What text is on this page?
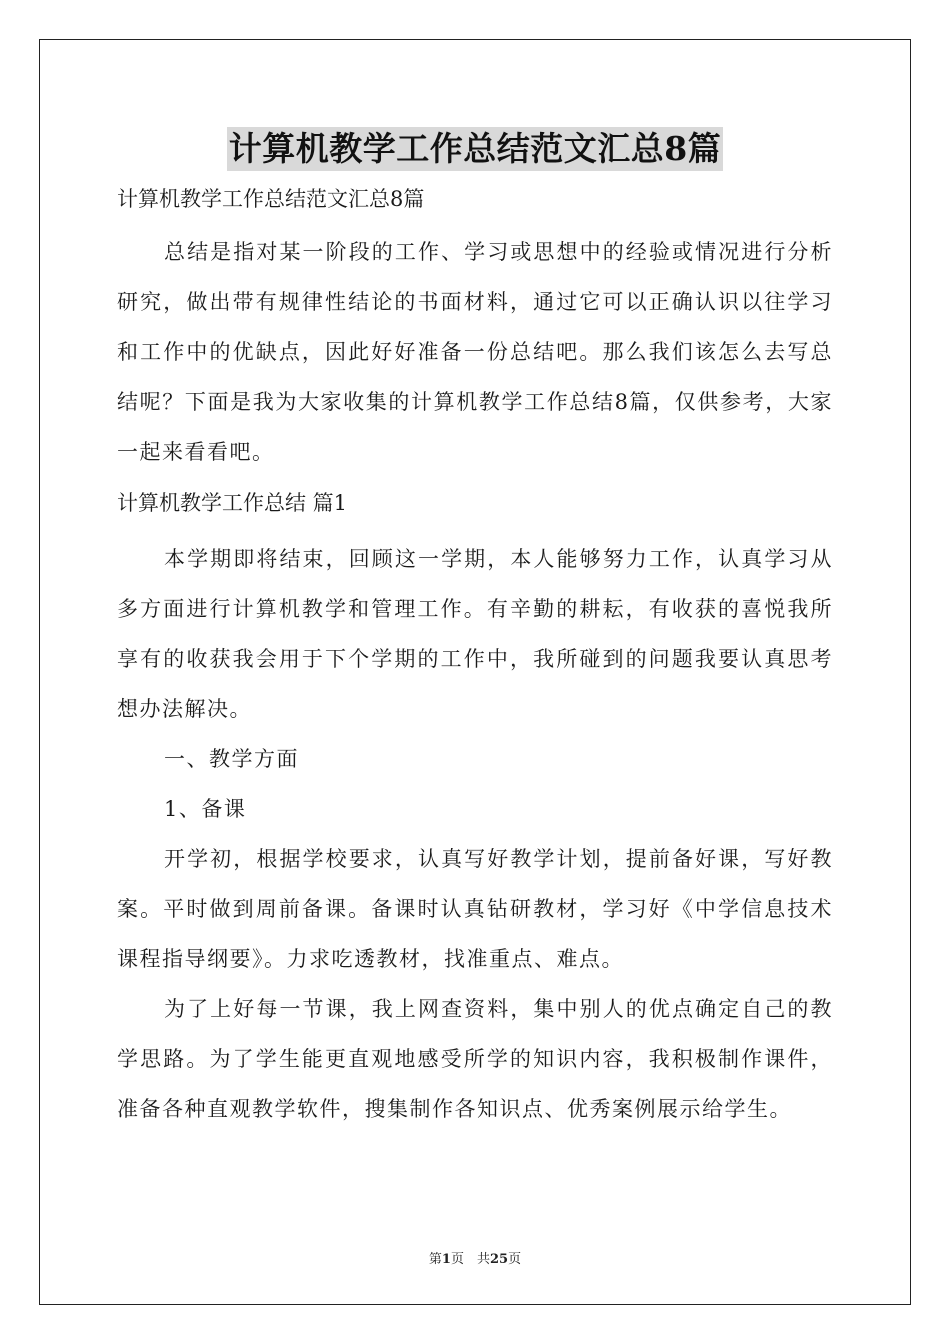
计算机教学工作总结范文汇总8篇

计算机教学工作总结范文汇总8篇

总结是指对某一阶段的工作、学习或思想中的经验或情况进行分析研究，做出带有规律性结论的书面材料，通过它可以正确认识以往学习和工作中的优缺点，因此好好准备一份总结吧。那么我们该怎么去写总结呢？下面是我为大家收集的计算机教学工作总结8篇，仅供参考，大家一起来看看吧。

计算机教学工作总结 篇1

本学期即将结束，回顾这一学期，本人能够努力工作，认真学习从多方面进行计算机教学和管理工作。有辛勤的耕耘，有收获的喜悦我所享有的收获我会用于下个学期的工作中，我所碰到的问题我要认真思考想办法解决。

一、教学方面

1、备课

开学初，根据学校要求，认真写好教学计划，提前备好课，写好教案。平时做到周前备课。备课时认真钻研教材，学习好《中学信息技术课程指导纲要》。力求吃透教材，找准重点、难点。

为了上好每一节课，我上网查资料，集中别人的优点确定自己的教学思路。为了学生能更直观地感受所学的知识内容，我积极制作课件，准备各种直观教学软件，搜集制作各知识点、优秀案例展示给学生。

第1页　共25页
